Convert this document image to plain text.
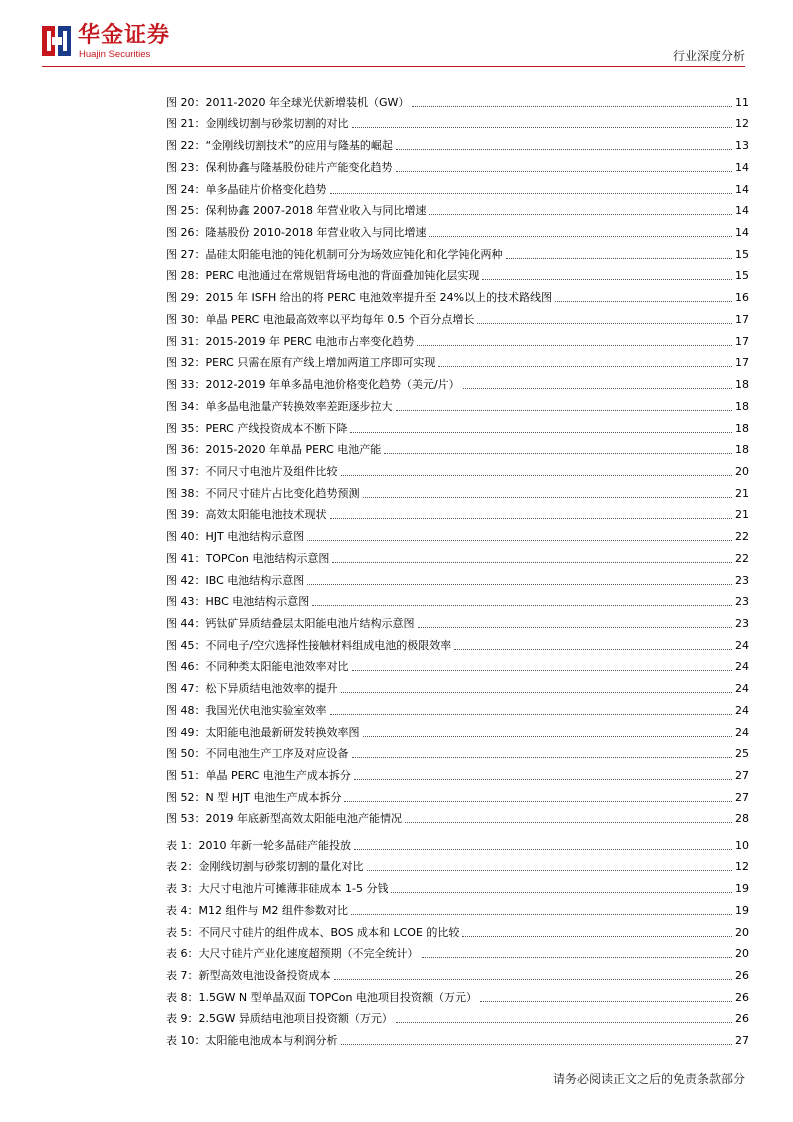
华金证券
Huajin Securities	行业深度分析
图 20： 2011-2020 年全球光伏新增装机（GW）	11
图 21： 金刚线切割与砂浆切割的对比	12
图 22： “金刚线切割技术”的应用与隆基的崛起	13
图 23： 保利协鑫与隆基股份硅片产能变化趋势	14
图 24： 单多晶硅片价格变化趋势	14
图 25： 保利协鑫 2007-2018 年营业收入与同比增速	14
图 26： 隆基股份 2010-2018 年营业收入与同比增速	14
图 27： 晶硅太阳能电池的钝化机制可分为场效应钝化和化学钝化两种	15
图 28： PERC 电池通过在常规铝背场电池的背面叠加钝化层实现	15
图 29： 2015 年 ISFH 给出的将 PERC 电池效率提升至 24%以上的技术路线图	16
图 30： 单晶 PERC 电池最高效率以平均每年 0.5 个百分点增长	17
图 31： 2015-2019 年 PERC 电池市占率变化趋势	17
图 32： PERC 只需在原有产线上增加两道工序即可实现	17
图 33： 2012-2019 年单多晶电池价格变化趋势（美元/片）	18
图 34： 单多晶电池量产转换效率差距逐步拉大	18
图 35： PERC 产线投资成本不断下降	18
图 36： 2015-2020 年单晶 PERC 电池产能	18
图 37： 不同尺寸电池片及组件比较	20
图 38： 不同尺寸硅片占比变化趋势预测	21
图 39： 高效太阳能电池技术现状	21
图 40： HJT 电池结构示意图	22
图 41： TOPCon 电池结构示意图	22
图 42： IBC 电池结构示意图	23
图 43： HBC 电池结构示意图	23
图 44： 钙钛矿异质结叠层太阳能电池片结构示意图	23
图 45： 不同电子/空穴选择性接触材料组成电池的极限效率	24
图 46： 不同种类太阳能电池效率对比	24
图 47： 松下异质结电池效率的提升	24
图 48： 我国光伏电池实验室效率	24
图 49： 太阳能电池最新研发转换效率图	24
图 50： 不同电池生产工序及对应设备	25
图 51： 单晶 PERC 电池生产成本拆分	27
图 52： N 型 HJT 电池生产成本拆分	27
图 53： 2019 年底新型高效太阳能电池产能情况	28
表 1： 2010 年新一轮多晶硅产能投放	10
表 2： 金刚线切割与砂浆切割的量化对比	12
表 3： 大尺寸电池片可摊薄非硅成本 1-5 分钱	19
表 4： M12 组件与 M2 组件参数对比	19
表 5： 不同尺寸硅片的组件成本、BOS 成本和 LCOE 的比较	20
表 6： 大尺寸硅片产业化速度超预期（不完全统计）	20
表 7： 新型高效电池设备投资成本	26
表 8： 1.5GW N 型单晶双面 TOPCon 电池项目投资额（万元）	26
表 9： 2.5GW 异质结电池项目投资额（万元）	26
表 10： 太阳能电池成本与利润分析	27
请务必阅读正文之后的免责条款部分
